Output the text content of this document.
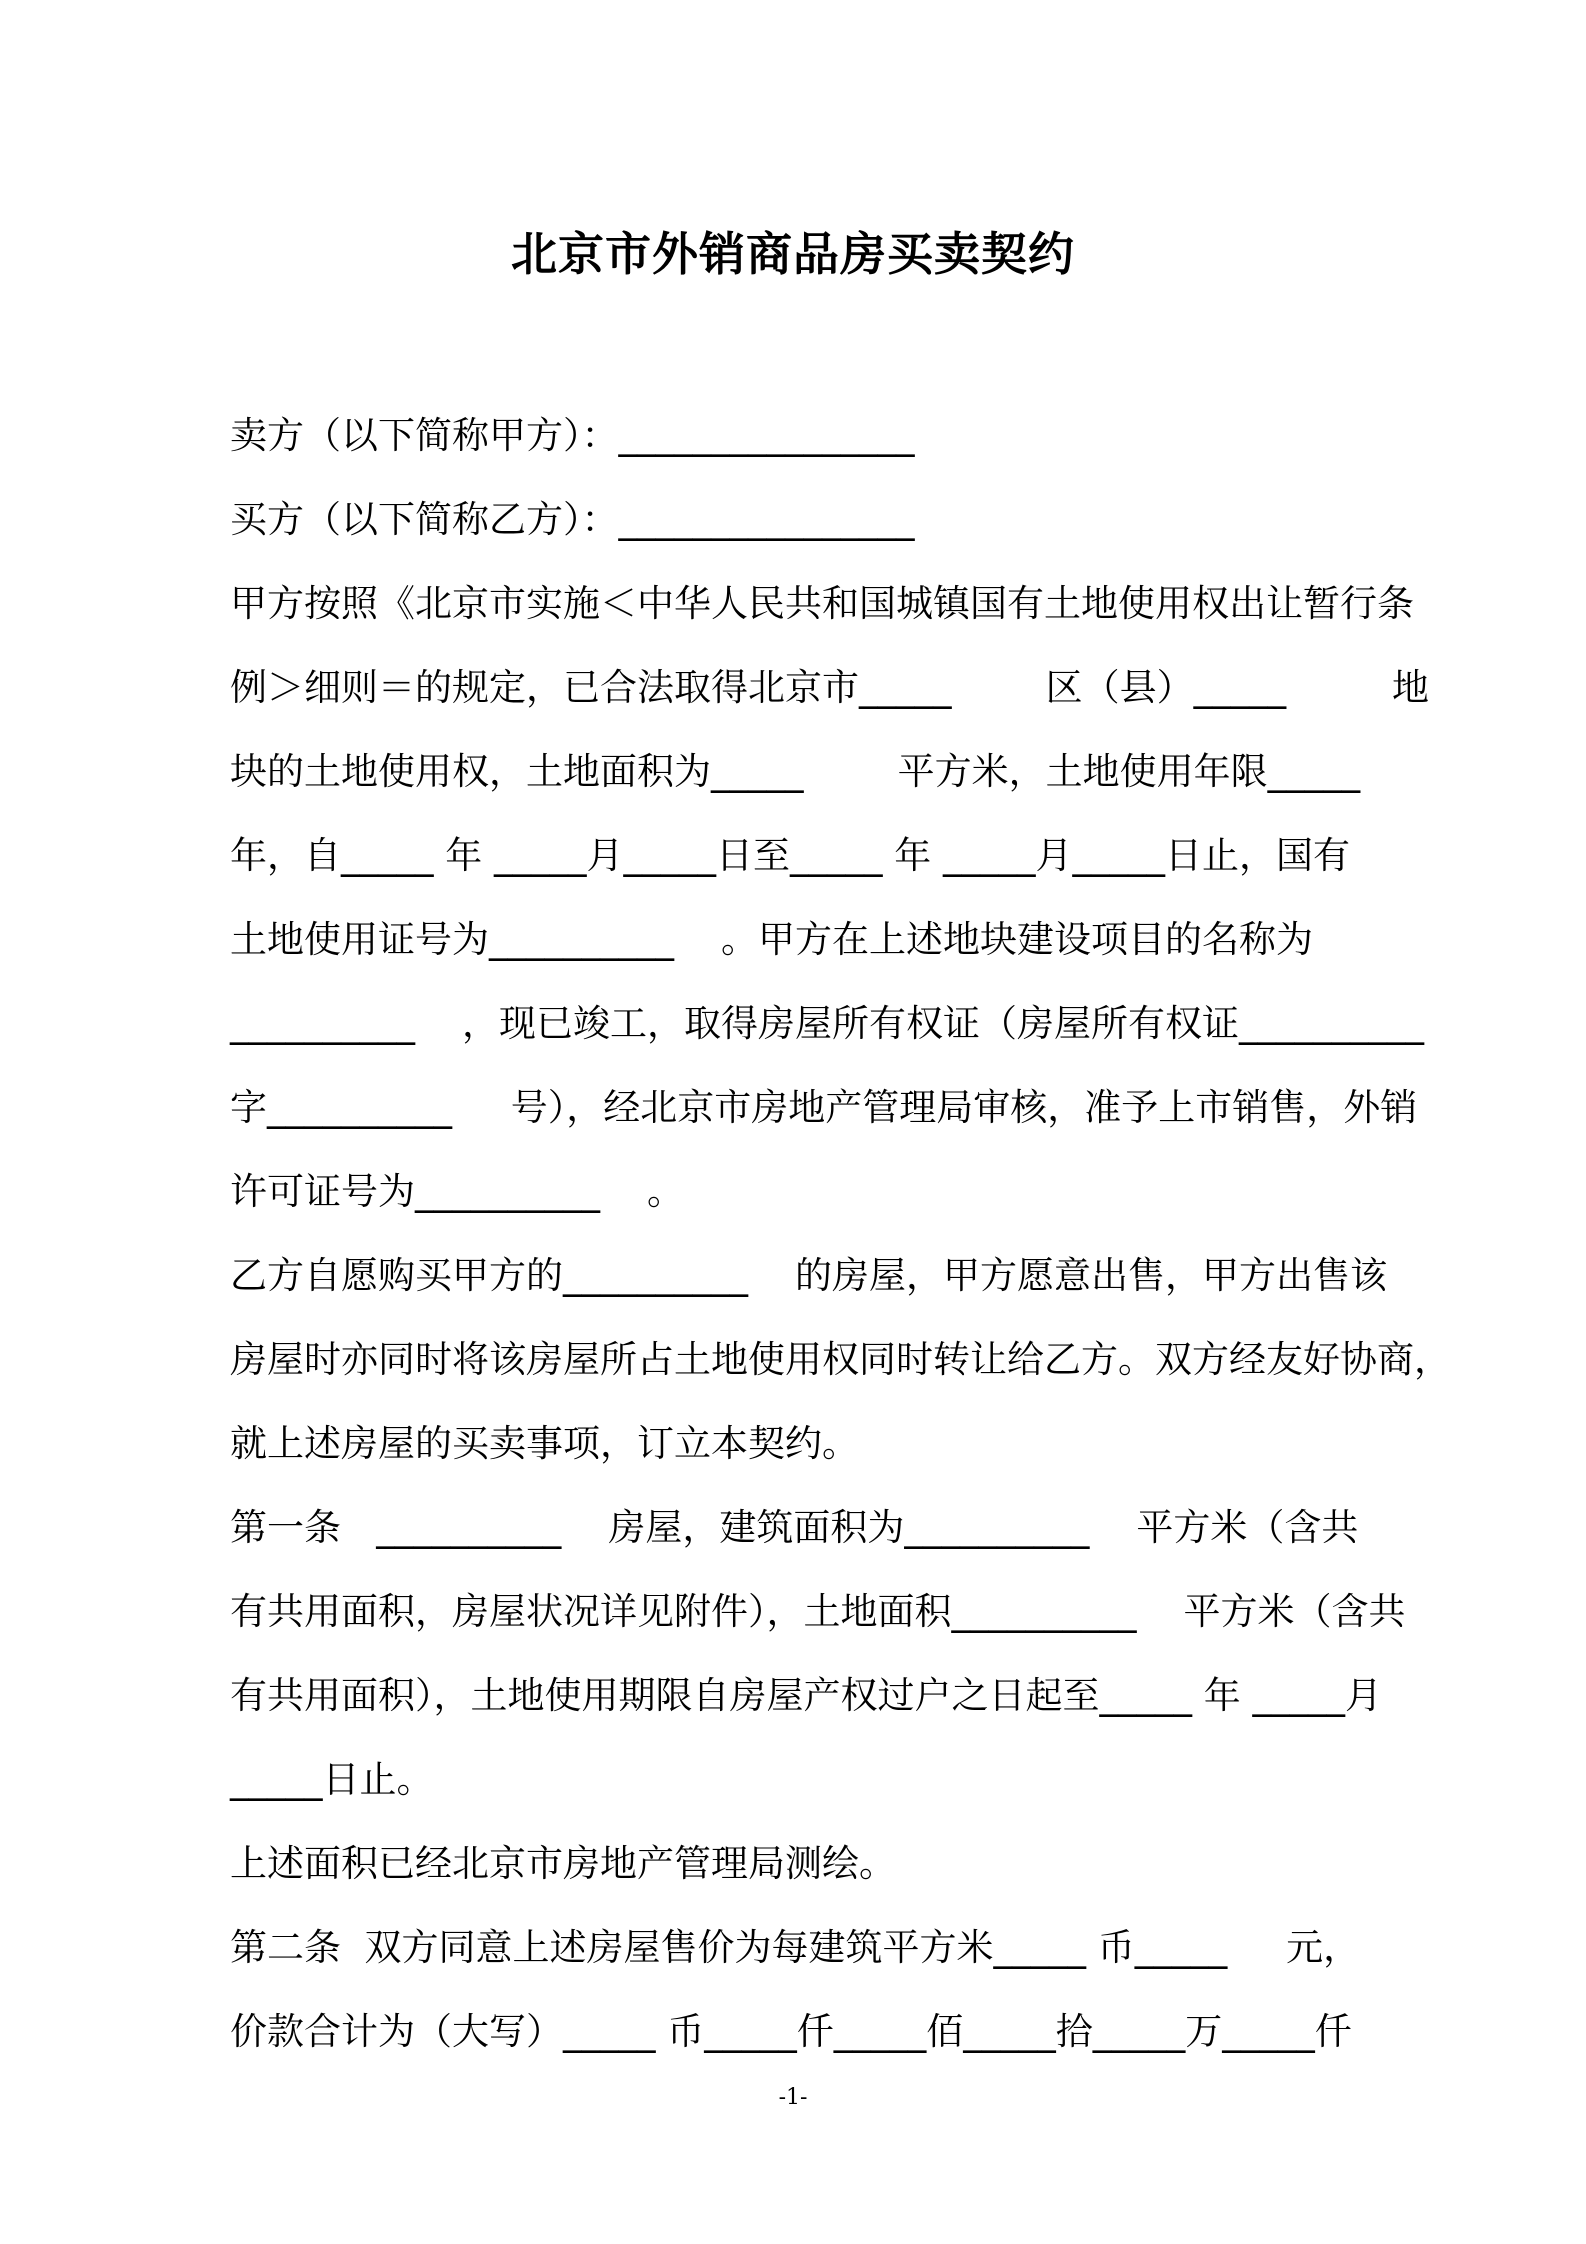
北京市外销商品房买卖契约
卖方（以下简称甲方）：________________
买方（以下简称乙方）：________________
甲方按照《北京市实施＜中华人民共和国城镇国有土地使用权出让暂行条
例＞细则＝的规定，已合法取得北京市_____        区（县）_____         地
块的土地使用权，土地面积为_____        平方米，土地使用年限_____
年，自_____ 年 _____月_____日至_____ 年 _____月_____日止，国有
土地使用证号为__________    。甲方在上述地块建设项目的名称为
__________    ，现已竣工，取得房屋所有权证（房屋所有权证__________
字__________     号），经北京市房地产管理局审核，准予上市销售，外销
许可证号为__________    。
乙方自愿购买甲方的__________    的房屋，甲方愿意出售，甲方出售该
房屋时亦同时将该房屋所占土地使用权同时转让给乙方。双方经友好协商，
就上述房屋的买卖事项，订立本契约。
第一条   __________    房屋，建筑面积为__________    平方米（含共
有共用面积，房屋状况详见附件），土地面积__________    平方米（含共
有共用面积），土地使用期限自房屋产权过户之日起至_____ 年 _____月
_____日止。
上述面积已经北京市房地产管理局测绘。
第二条  双方同意上述房屋售价为每建筑平方米_____ 币_____     元，
价款合计为（大写）_____ 币_____仟_____佰_____拾_____万_____仟
-1-
